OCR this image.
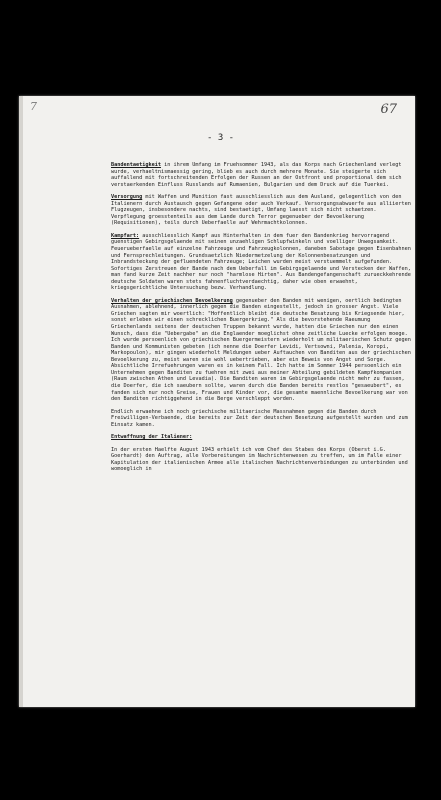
7	67
- 3 -

Bandentaetigkeit in ihrem Umfang im Fruehsommer 1943, als das Korps nach Griechenland verlegt wurde, verhaeltnismaessig gering, blieb es auch durch mehrere Monate. Sie steigerte sich auffallend mit fortschreitenden Erfolgen der Russen an der Ostfront und proportional dem sich verstaerkenden Einfluss Russlands auf Rumaenien, Bulgarien und dem Druck auf die Tuerkei.

Versorgung mit Waffen und Munition fast ausschliesslich aus dem Ausland, gelegentlich von den Italienern durch Austausch gegen Gefangene oder auch Verkauf. Versorgungsabwuerfe aus alliierten Flugzeugen, insbesondere nachts, sind bestaetigt, Umfang laesst sich nicht schaetzen. Verpflegung groesstenteils aus dem Lande durch Terror gegenueber der Bevoelkerung (Requisitionen), teils durch Ueberfaelle auf Wehrmachtkolonnen.

Kampfart: ausschliesslich Kampf aus Hinterhalten in dem fuer den Bandenkrieg hervorragend guenstigen Gebirgsgelaende mit seinen unzaehligen Schlupfwinkeln und voelliger Unwegsamkeit. Feuerueberfaelle auf einzelne Fahrzeuge und Fahrzeugkolonnen, daneben Sabotage gegen Eisenbahnen und Fernsprechleitungen. Grundsaetzlich Niedermetzelung der Kolonnenbesatzungen und Inbrandsteckung der gefluendeten Fahrzeuge; Leichen wurden meist verstuemmelt aufgefunden. Sofortiges Zerstreuen der Bande nach dem Ueberfall im Gebirgsgelaende und Verstecken der Waffen, man fand kurze Zeit nachher nur noch "harmlose Hirten". Aus Bandengefangenschaft zurueckkehrende deutsche Soldaten waren stets fahnenfluchtverdaechtig, daher wie oben erwaehnt, kriegsgerichtliche Untersuchung bezw. Verhandlung.

Verhalten der griechischen Bevoelkerung gegenueber den Banden mit wenigen, oertlich bedingten Ausnahmen, ablehnend, innerlich gegen die Banden eingestellt, jedoch in grosser Angst. Viele Griechen sagten mir woertlich: "Hoffentlich bleibt die deutsche Besatzung bis Kriegsende hier, sonst erleben wir einen schrecklichen Buergerkrieg." Als die bevorstehende Raeumung Griechenlands seitens der deutschen Truppen bekannt wurde, hatten die Griechen nur den einen Wunsch, dass die "Uebergabe" an die Englaender moeglichst ohne zeitliche Luecke erfolgen moege. Ich wurde persoenlich von griechischen Buergermeistern wiederholt um militaerischen Schutz gegen Banden und Kommunisten gebeten (ich nenne die Doerfer Levidi, Vertsowni, Palenia, Koropi, Markopoulon), mir gingen wiederholt Meldungen ueber Auftauchen von Banditen aus der griechischen Bevoelkerung zu, meist waren sie wohl uebertrieben, aber ein Beweis von Angst und Sorge. Absichtliche Irrefuehrungen waren es in keinem Fall. Ich hatte im Sommer 1944 persoenlich ein Unternehmen gegen Banditen zu fuehren mit zwei aus meiner Abteilung gebildeten Kampfkompanien (Raum zwischen Athen und Levadia). Die Banditen waren im Gebirgsgelaende nicht mehr zu fassen, die Doerfer, die ich saeubern sollte, waren durch die Banden bereits restlos "gesaeubert", es fanden sich nur noch Greise, Frauen und Kinder vor, die gesamte maennliche Bevoelkerung war von den Banditen richtiggehend in die Berge verschleppt worden.

Endlich erwaehne ich noch griechische militaerische Massnahmen gegen die Banden durch Freiwilligen-Verbaende, die bereits zur Zeit der deutschen Besetzung aufgestellt wurden und zum Einsatz kamen.

Entwaffnung der Italiener:

In der ersten Haelfte August 1943 erhielt ich vom Chef des Stabes des Korps (Oberst i.G. Goerhardt) den Auftrag, alle Vorbereitungen im Nachrichtenwesen zu treffen, um im Falle einer Kapitulation der italienischen Armee alle italischen Nachrichtenverbindungen zu unterbinden und womoeglich in
